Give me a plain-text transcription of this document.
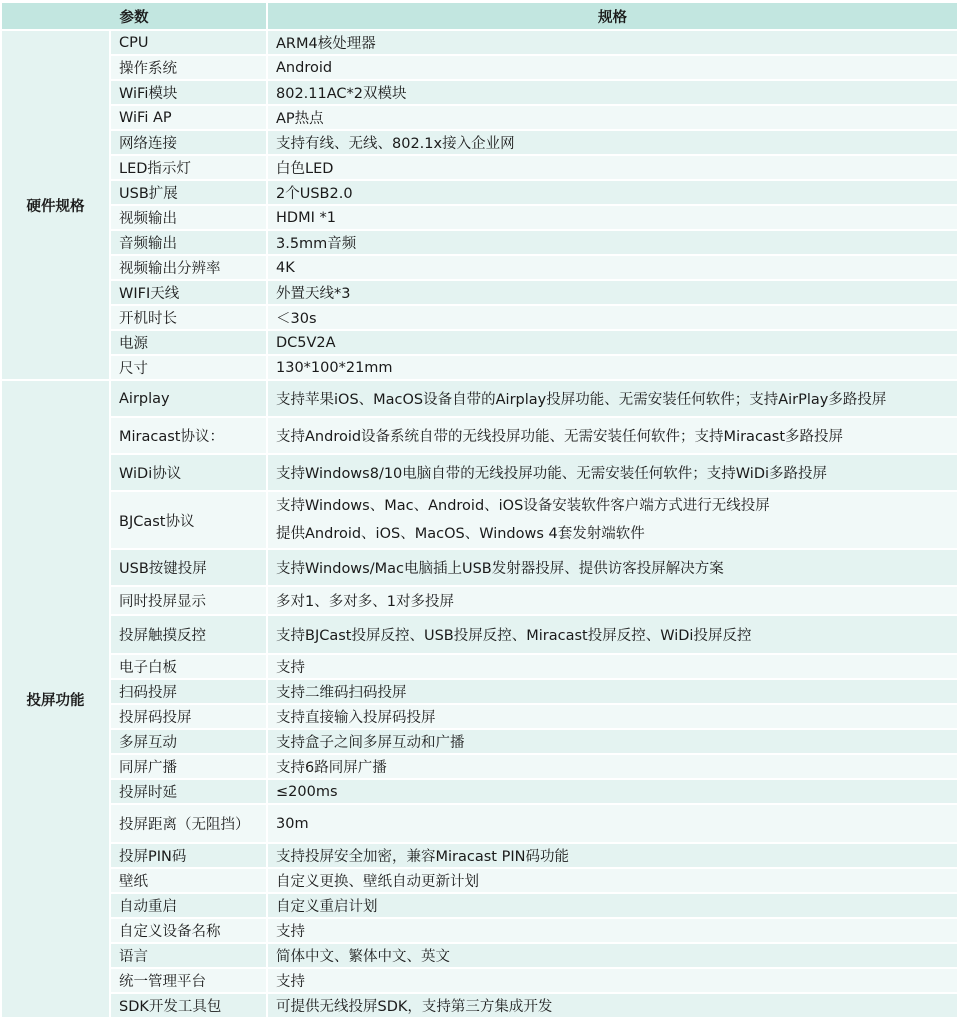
参数		规格
硬件规格	CPU	ARM4核处理器
	操作系统	Android
	WiFi模块	802.11AC*2双模块
	WiFi AP	AP热点
	网络连接	支持有线、无线、802.1x接入企业网
	LED指示灯	白色LED
	USB扩展	2个USB2.0
	视频输出	HDMI *1
	音频输出	3.5mm音频
	视频输出分辨率	4K
	WIFI天线	外置天线*3
	开机时长	＜30s
	电源	DC5V2A
	尺寸	130*100*21mm
投屏功能	Airplay	支持苹果iOS、MacOS设备自带的Airplay投屏功能、无需安装任何软件；支持AirPlay多路投屏
	Miracast协议：	支持Android设备系统自带的无线投屏功能、无需安装任何软件；支持Miracast多路投屏
	WiDi协议	支持Windows8/10电脑自带的无线投屏功能、无需安装任何软件；支持WiDi多路投屏
	BJCast协议	支持Windows、Mac、Android、iOS设备安装软件客户端方式进行无线投屏
提供Android、iOS、MacOS、Windows 4套发射端软件

	USB按键投屏	支持Windows/Mac电脑插上USB发射器投屏、提供访客投屏解决方案
	同时投屏显示	多对1、多对多、1对多投屏
	投屏触摸反控	支持BJCast投屏反控、USB投屏反控、Miracast投屏反控、WiDi投屏反控
	电子白板	支持
	扫码投屏	支持二维码扫码投屏
	投屏码投屏	支持直接输入投屏码投屏
	多屏互动	支持盒子之间多屏互动和广播
	同屏广播	支持6路同屏广播
	投屏时延	≤200ms
	投屏距离（无阻挡）	30m
	投屏PIN码	支持投屏安全加密，兼容Miracast PIN码功能
	壁纸	自定义更换、壁纸自动更新计划
	自动重启	自定义重启计划
	自定义设备名称	支持
	语言	简体中文、繁体中文、英文
	统一管理平台	支持
	SDK开发工具包	可提供无线投屏SDK，支持第三方集成开发
